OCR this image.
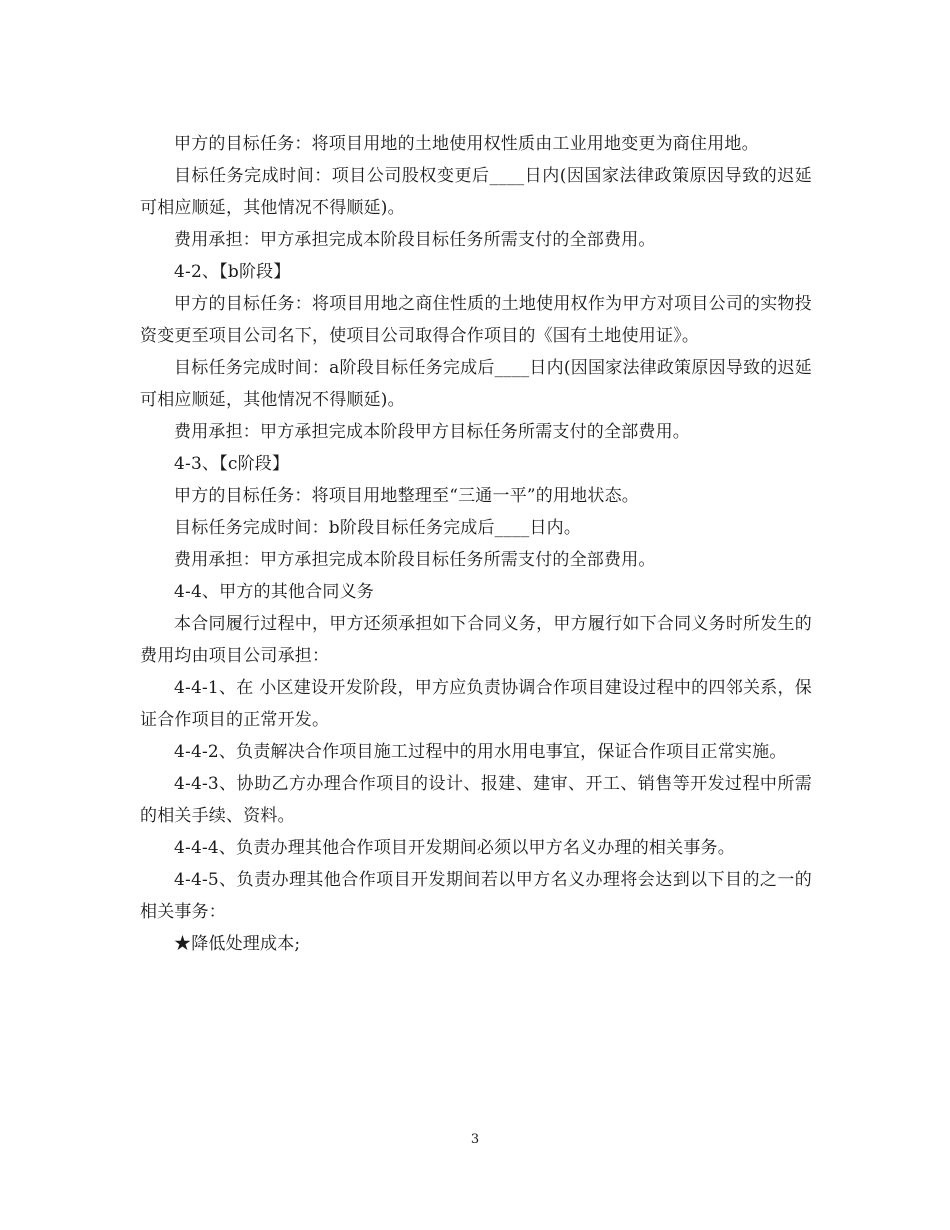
甲方的目标任务：将项目用地的土地使用权性质由工业用地变更为商住用地。

目标任务完成时间：项目公司股权变更后____日内(因国家法律政策原因导致的迟延可相应顺延，其他情况不得顺延)。

费用承担：甲方承担完成本阶段目标任务所需支付的全部费用。

4-2、【b阶段】

甲方的目标任务：将项目用地之商住性质的土地使用权作为甲方对项目公司的实物投资变更至项目公司名下，使项目公司取得合作项目的《国有土地使用证》。

目标任务完成时间：a阶段目标任务完成后____日内(因国家法律政策原因导致的迟延可相应顺延，其他情况不得顺延)。

费用承担：甲方承担完成本阶段甲方目标任务所需支付的全部费用。

4-3、【c阶段】

甲方的目标任务：将项目用地整理至“三通一平”的用地状态。

目标任务完成时间：b阶段目标任务完成后____日内。

费用承担：甲方承担完成本阶段目标任务所需支付的全部费用。

4-4、甲方的其他合同义务

本合同履行过程中，甲方还须承担如下合同义务，甲方履行如下合同义务时所发生的费用均由项目公司承担：

4-4-1、在 小区建设开发阶段，甲方应负责协调合作项目建设过程中的四邻关系，保证合作项目的正常开发。

4-4-2、负责解决合作项目施工过程中的用水用电事宜，保证合作项目正常实施。

4-4-3、协助乙方办理合作项目的设计、报建、建审、开工、销售等开发过程中所需的相关手续、资料。

4-4-4、负责办理其他合作项目开发期间必须以甲方名义办理的相关事务。

4-4-5、负责办理其他合作项目开发期间若以甲方名义办理将会达到以下目的之一的相关事务：

★降低处理成本;

3
